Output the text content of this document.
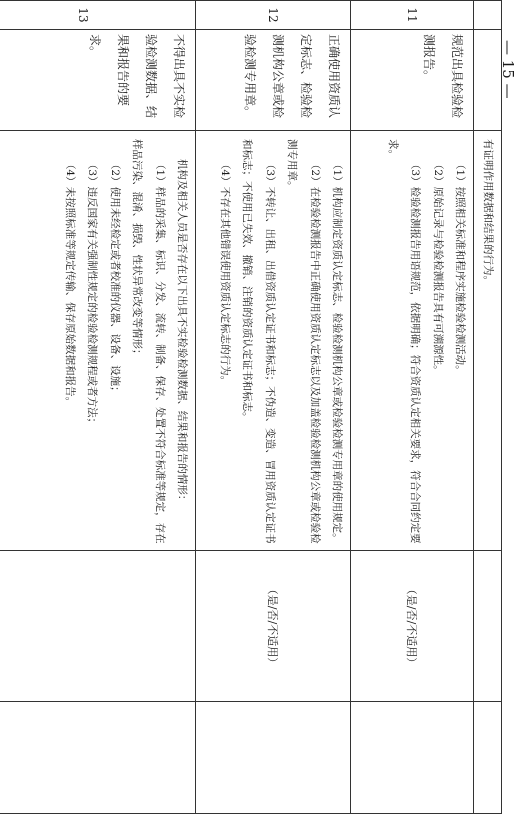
		有证明作用数据和结果的行为。		

11	规范出具检验检测报告。	（1）按照相关标准和程序实施检验检测活动。

（2）原始记录与检验检测报告具有可溯源性。

（3）检验检测报告用语规范，依据明确；符合资质认定相关要求，符合合同约定要求。	（是/否/不适用）	
12	正确使用资质认定标志、检验检测机构公章或检验检测专用章。	（1）机构应制定资质认定标志、检验检测机构公章或检验检测专用章的使用规定。

（2）在检验检测报告中正确使用资质认定标志以及加盖检验检测机构公章或检验检测专用章。

（3）不转让、出租、出借资质认定证书和标志；不伪造、变造、冒用资质认定证书和标志；不使用已失效、撤销、注销的资质认定证书和标志。

（4）不存在其他错误使用资质认定标志的行为。	（是/否/不适用）	
13	不得出具不实检验检测数据、结果和报告的要求。	机构及相关人员是否存在以下出具不实检验检测数据、结果和报告的情形：

（1）样品的采集、标识、分发、流转、制备、保存、处置不符合标准等规定，存在样品污染、混淆、损毁、性状异常改变等情形；

（2）使用未经检定或者校准的仪器、设备、设施；

（3）违反国家有关强制性规定的检验检测规程或者方法；

（4）未按照标准等规定传输、保存原始数据和报告。		

— 15 —
